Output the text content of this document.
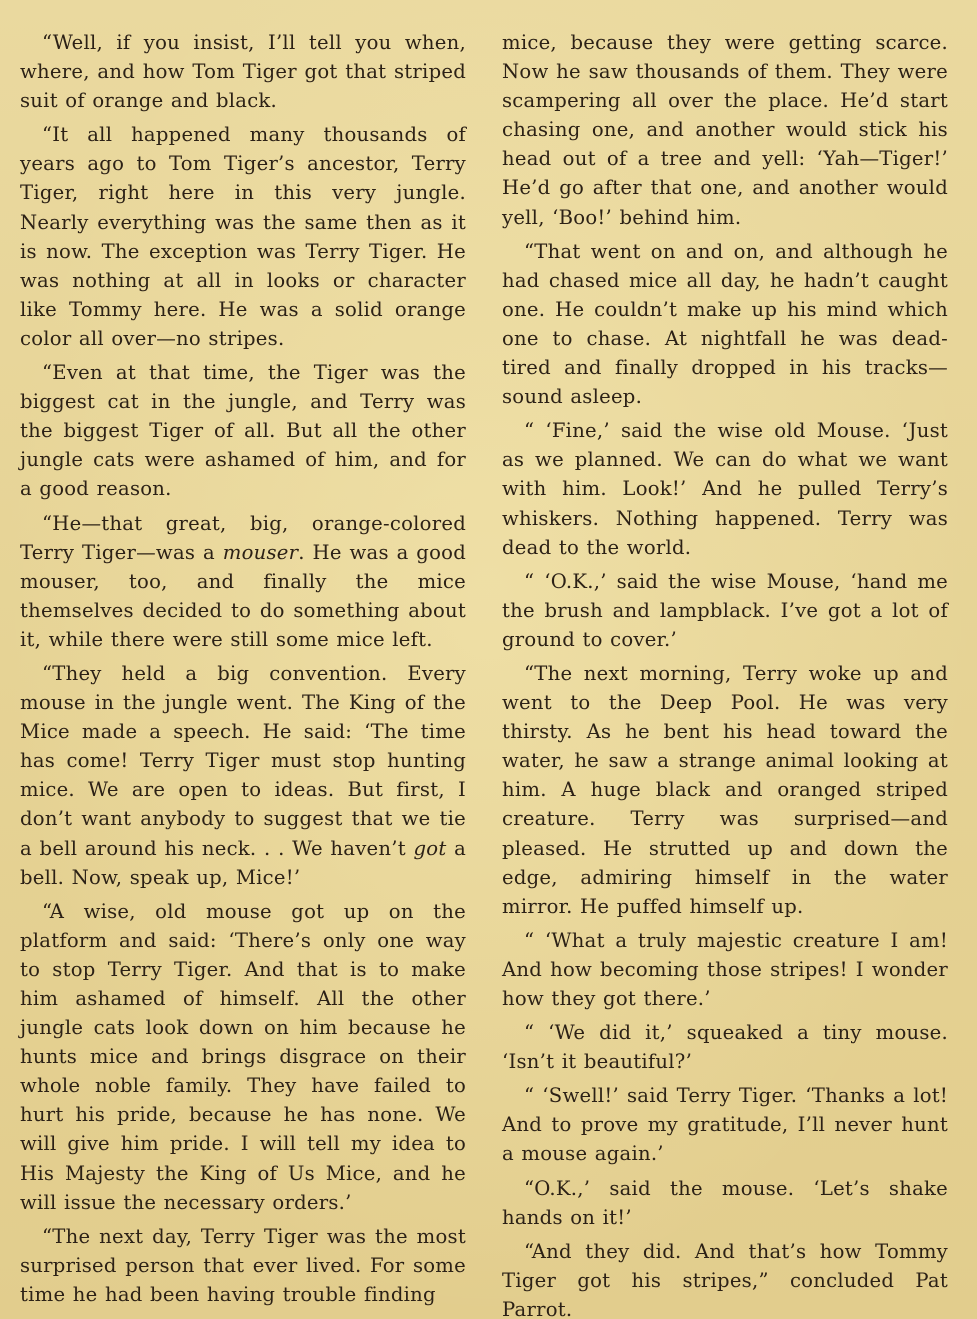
“Well, if you insist, I’ll tell you when, where, and how Tom Tiger got that striped suit of orange and black.

“It all happened many thousands of years ago to Tom Tiger’s ancestor, Terry Tiger, right here in this very jungle. Nearly everything was the same then as it is now. The exception was Terry Tiger. He was nothing at all in looks or character like Tommy here. He was a solid orange color all over—no stripes.

“Even at that time, the Tiger was the biggest cat in the jungle, and Terry was the biggest Tiger of all. But all the other jungle cats were ashamed of him, and for a good reason.

“He—that great, big, orange-colored Terry Tiger—was a mouser. He was a good mouser, too, and finally the mice themselves decided to do something about it, while there were still some mice left.

“They held a big convention. Every mouse in the jungle went. The King of the Mice made a speech. He said: ‘The time has come! Terry Tiger must stop hunting mice. We are open to ideas. But first, I don’t want anybody to suggest that we tie a bell around his neck. . . We haven’t got a bell. Now, speak up, Mice!’

“A wise, old mouse got up on the platform and said: ‘There’s only one way to stop Terry Tiger. And that is to make him ashamed of himself. All the other jungle cats look down on him because he hunts mice and brings disgrace on their whole noble family. They have failed to hurt his pride, because he has none. We will give him pride. I will tell my idea to His Majesty the King of Us Mice, and he will issue the necessary orders.’

“The next day, Terry Tiger was the most surprised person that ever lived. For some time he had been having trouble finding

mice, because they were getting scarce. Now he saw thousands of them. They were scampering all over the place. He’d start chasing one, and another would stick his head out of a tree and yell: ‘Yah—Tiger!’ He’d go after that one, and another would yell, ‘Boo!’ behind him.

“That went on and on, and although he had chased mice all day, he hadn’t caught one. He couldn’t make up his mind which one to chase. At nightfall he was dead-tired and finally dropped in his tracks—sound asleep.

“ ‘Fine,’ said the wise old Mouse. ‘Just as we planned. We can do what we want with him. Look!’ And he pulled Terry’s whiskers. Nothing happened. Terry was dead to the world.

“ ‘O.K.,’ said the wise Mouse, ‘hand me the brush and lampblack. I’ve got a lot of ground to cover.’

“The next morning, Terry woke up and went to the Deep Pool. He was very thirsty. As he bent his head toward the water, he saw a strange animal looking at him. A huge black and oranged striped creature. Terry was surprised—and pleased. He strutted up and down the edge, admiring himself in the water mirror. He puffed himself up.

“ ‘What a truly majestic creature I am! And how becoming those stripes! I wonder how they got there.’

“ ‘We did it,’ squeaked a tiny mouse. ‘Isn’t it beautiful?’

“ ‘Swell!’ said Terry Tiger. ‘Thanks a lot! And to prove my gratitude, I’ll never hunt a mouse again.’

“O.K.,’ said the mouse. ‘Let’s shake hands on it!’

“And they did. And that’s how Tommy Tiger got his stripes,” concluded Pat Parrot.
